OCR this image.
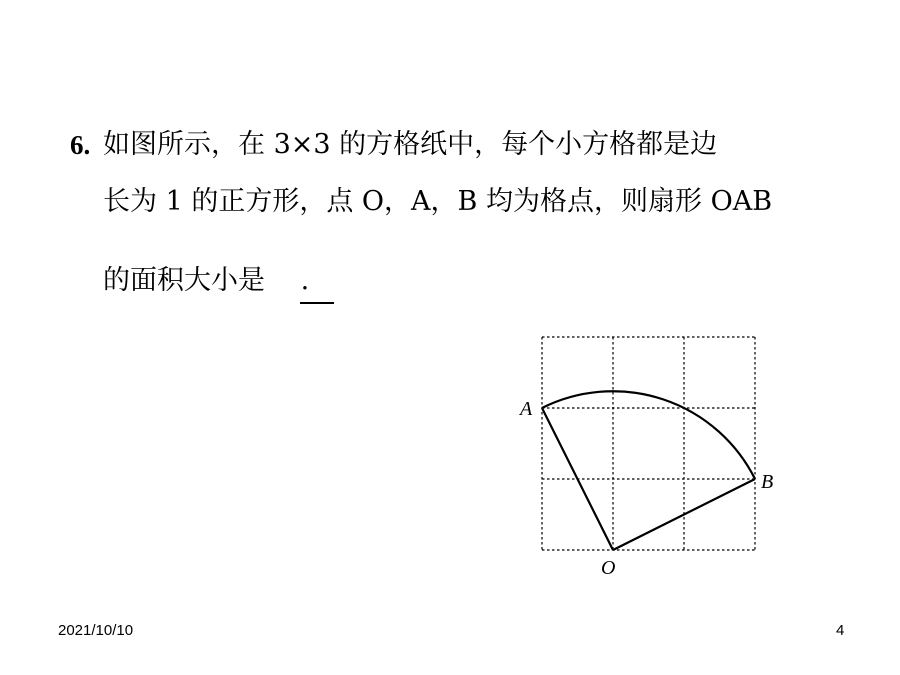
6. 如图所示，在 3×3 的方格纸中，每个小方格都是边
长为 1 的正方形，点 O，A，B 均为格点，则扇形 OAB
的面积大小是　 .
A
B
O
2021/10/10	4
